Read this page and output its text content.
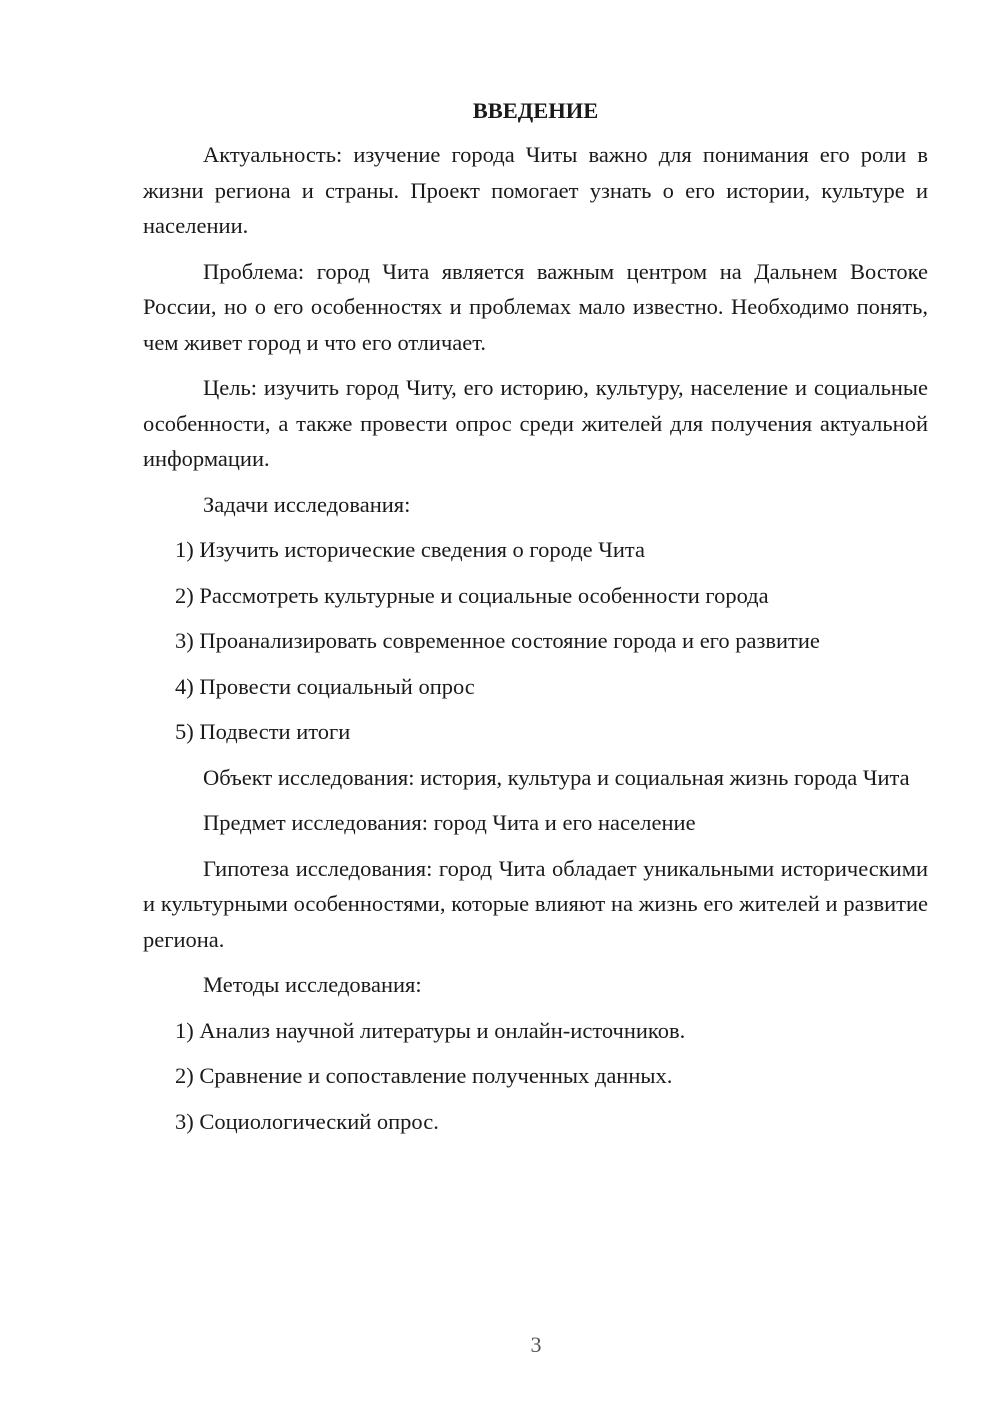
ВВЕДЕНИЕ

Актуальность: изучение города Читы важно для понимания его роли в жизни региона и страны. Проект помогает узнать о его истории, культуре и населении.

Проблема: город Чита является важным центром на Дальнем Востоке России, но о его особенностях и проблемах мало известно. Необходимо понять, чем живет город и что его отличает.

Цель: изучить город Читу, его историю, культуру, население и социальные особенности, а также провести опрос среди жителей для получения актуальной информации.

Задачи исследования:

1) Изучить исторические сведения о городе Чита
2) Рассмотреть культурные и социальные особенности города
3) Проанализировать современное состояние города и его развитие
4) Провести социальный опрос
5) Подвести итоги

Объект исследования: история, культура и социальная жизнь города Чита

Предмет исследования: город Чита и его население

Гипотеза исследования: город Чита обладает уникальными историческими и культурными особенностями, которые влияют на жизнь его жителей и развитие региона.

Методы исследования:

1) Анализ научной литературы и онлайн-источников.
2) Сравнение и сопоставление полученных данных.
3) Социологический опрос.
3
